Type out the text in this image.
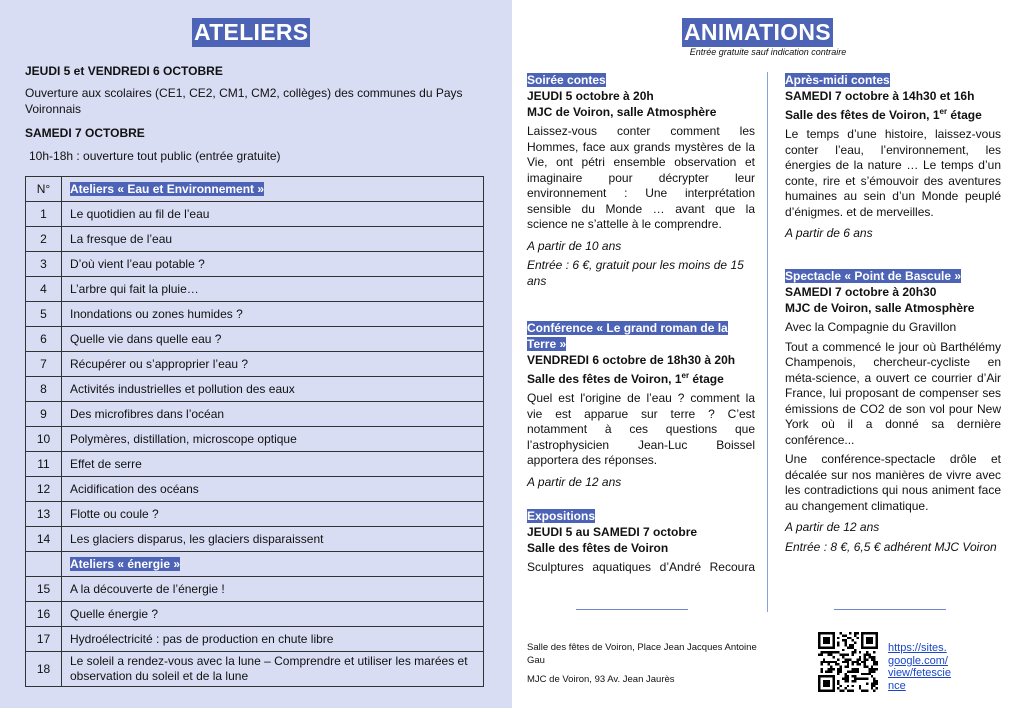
ATELIERS
JEUDI 5 et VENDREDI 6 OCTOBRE
Ouverture aux scolaires (CE1, CE2, CM1, CM2, collèges) des communes du Pays Voironnais
SAMEDI 7 OCTOBRE
10h-18h : ouverture tout public (entrée gratuite)
N°	Ateliers « Eau et Environnement »
1	Le quotidien au fil de l’eau
2	La fresque de l’eau
3	D’où vient l’eau potable ?
4	L’arbre qui fait la pluie…
5	Inondations ou zones humides ?
6	Quelle vie dans quelle eau ?
7	Récupérer ou s’approprier l’eau ?
8	Activités industrielles et pollution des eaux
9	Des microfibres dans l’océan
10	Polymères, distillation, microscope optique
11	Effet de serre
12	Acidification des océans
13	Flotte ou coule ?
14	Les glaciers disparus, les glaciers disparaissent
	Ateliers « énergie »
15	A la découverte de l’énergie !
16	Quelle énergie ?
17	Hydroélectricité : pas de production en chute libre
18	Le soleil a rendez-vous avec la lune – Comprendre et utiliser les marées et observation du soleil et de la lune
ANIMATIONS
Entrée gratuite sauf indication contraire
Soirée contes
JEUDI 5 octobre à 20h
MJC de Voiron, salle Atmosphère
Laissez-vous conter comment les Hommes, face aux grands mystères de la Vie, ont pétri ensemble observation et imaginaire pour décrypter leur environnement : Une interprétation sensible du Monde … avant que la science ne s’attelle à le comprendre.
A partir de 10 ans
Entrée : 6 €, gratuit pour les moins de 15 ans
Conférence « Le grand roman de la Terre »
VENDREDI 6 octobre de 18h30 à 20h
Salle des fêtes de Voiron, 1er étage
Quel est l'origine de l’eau ? comment la vie est apparue sur terre ? C’est notamment à ces questions que l’astrophysicien Jean-Luc Boissel apportera des réponses.
A partir de 12 ans
Expositions
JEUDI 5 au SAMEDI 7 octobre
Salle des fêtes de Voiron
Sculptures aquatiques d’André Recoura
Après-midi contes
SAMEDI 7 octobre à 14h30 et 16h
Salle des fêtes de Voiron, 1er étage
Le temps d’une histoire, laissez-vous conter l’eau, l’environnement, les énergies de la nature … Le temps d’un conte, rire et s’émouvoir des aventures humaines au sein d’un Monde peuplé d’énigmes. et de merveilles.
A partir de 6 ans
Spectacle « Point de Bascule »
SAMEDI 7 octobre à 20h30
MJC de Voiron, salle Atmosphère
Avec la Compagnie du Gravillon
Tout a commencé le jour où Barthélémy Champenois, chercheur-cycliste en méta-science, a ouvert ce courrier d’Air France, lui proposant de compenser ses émissions de CO2 de son vol pour New York où il a donné sa dernière conférence...
Une conférence-spectacle drôle et décalée sur nos manières de vivre avec les contradictions qui nous animent face au changement climatique.
A partir de 12 ans
Entrée : 8 €, 6,5 € adhérent MJC Voiron
Salle des fêtes de Voiron, Place Jean Jacques Antoine Gau
MJC de Voiron, 93 Av. Jean Jaurès
https://sites.google.com/view/fetescience
